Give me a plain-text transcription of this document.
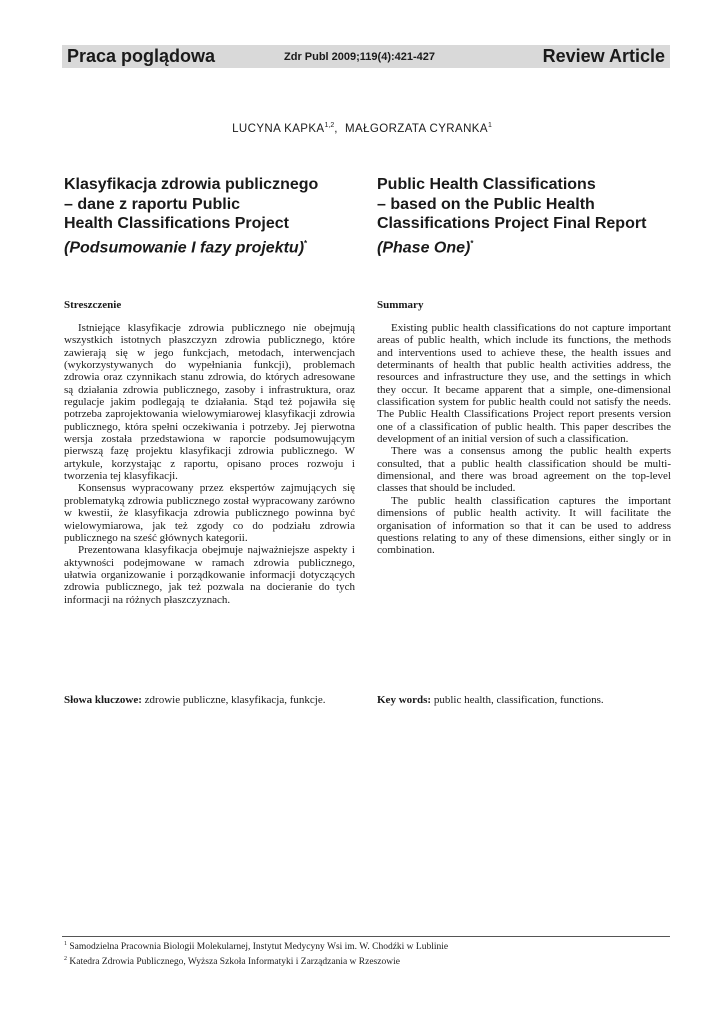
Praca poglądowa	Zdr Publ 2009;119(4):421-427	Review Article
LUCYNA KAPKA$^{1,2}$,  MAŁGORZATA CYRANKA$^1$
Klasyfikacja zdrowia publicznego
– dane z raportu Public
Health Classifications Project
(Podsumowanie I fazy projektu)*
Public Health Classifications
– based on the Public Health
Classifications Project Final Report
(Phase One)*
Streszczenie	Summary

Istniejące klasyfikacje zdrowia publicznego nie obejmują wszystkich istotnych płaszczyzn zdrowia publicznego, które zawierają się w jego funkcjach, metodach, interwencjach (wykorzystywanych do wypełniania funkcji), problemach zdrowia oraz czynnikach stanu zdrowia, do których adresowane są działania zdrowia publicznego, zasoby i infrastruktura, oraz regulacje jakim podlegają te działania. Stąd też pojawiła się potrzeba zaprojektowania wielowymiarowej klasyfikacji zdrowia publicznego, która spełni oczekiwania i potrzeby. Jej pierwotna wersja została przedstawiona w raporcie podsumowującym pierwszą fazę projektu klasyfikacji zdrowia publicznego. W artykule, korzystając z raportu, opisano proces rozwoju i tworzenia tej klasyfikacji.

Konsensus wypracowany przez ekspertów zajmujących się problematyką zdrowia publicznego został wypracowany zarówno w kwestii, że klasyfikacja zdrowia publicznego powinna być wielowymiarowa, jak też zgody co do podziału zdrowia publicznego na sześć głównych kategorii.

Prezentowana klasyfikacja obejmuje najważniejsze aspekty i aktywności podejmowane w ramach zdrowia publicznego, ułatwia organizowanie i porządkowanie informacji dotyczących zdrowia publicznego, jak też pozwala na docieranie do tych informacji na różnych płaszczyznach.

Existing public health classifications do not capture important areas of public health, which include its functions, the methods and interventions used to achieve these, the health issues and determinants of health that public health activities address, the resources and infrastructure they use, and the settings in which they occur. It became apparent that a simple, one-dimensional classification system for public health could not satisfy the needs. The Public Health Classifications Project report presents version one of a classification of public health. This paper describes the development of an initial version of such a classification.

There was a consensus among the public health experts consulted, that a public health classification should be multi-dimensional, and there was broad agreement on the top-level classes that should be included.

The public health classification captures the important dimensions of public health activity. It will facilitate the organisation of information so that it can be used to address questions relating to any of these dimensions, either singly or in combination.

Słowa kluczowe: zdrowie publiczne, klasyfikacja, funkcje.	Key words: public health, classification, functions.
$^1$ Samodzielna Pracownia Biologii Molekularnej, Instytut Medycyny Wsi im. W. Chodźki w Lublinie
$^2$ Katedra Zdrowia Publicznego, Wyższa Szkoła Informatyki i Zarządzania w Rzeszowie
